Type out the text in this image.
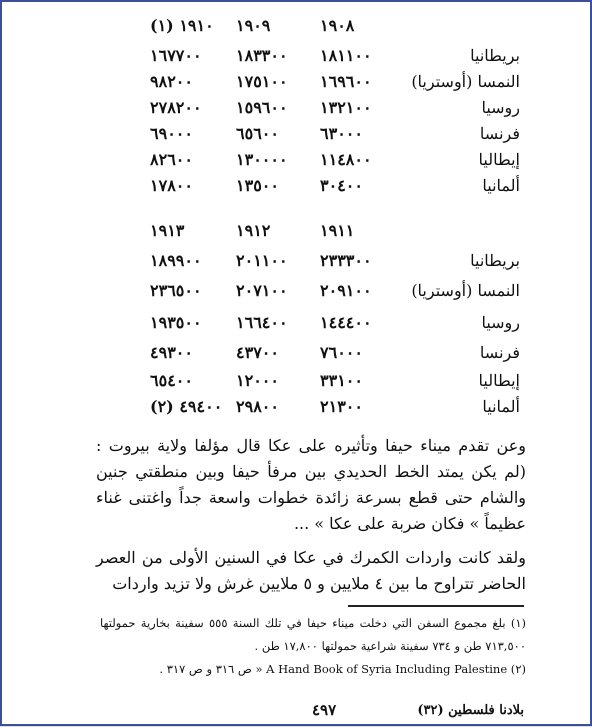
١٩٠٨
١٩٠٩
(١) ١٩١٠
بريطانيا
١٨١١٠٠
١٨٣٣٠٠
١٦٧٧٠٠
النمسا (أوستريا)
١٦٩٦٠٠
١٧٥١٠٠
٩٨٢٠٠
روسيا
١٣٢١٠٠
١٥٩٦٠٠
٢٧٨٢٠٠
فرنسا
٦٣٠٠٠
٦٥٦٠٠
٦٩٠٠٠
إيطاليا
١١٤٨٠٠
١٣٠٠٠٠
٨٢٦٠٠
ألمانيا
٣٠٤٠٠
١٣٥٠٠
١٧٨٠٠
١٩١١
١٩١٢
١٩١٣
بريطانيا
٢٣٣٣٠٠
٢٠١١٠٠
١٨٩٩٠٠
النمسا (أوستريا)
٢٠٩١٠٠
٢٠٧١٠٠
٢٣٦٥٠٠
روسيا
١٤٤٤٠٠
١٦٦٤٠٠
١٩٣٥٠٠
فرنسا
٧٦٠٠٠
٤٣٧٠٠
٤٩٣٠٠
إيطاليا
٣٣١٠٠
١٢٠٠٠
٦٥٤٠٠
ألمانيا
٢١٣٠٠
٢٩٨٠٠
(٢) ٤٩٤٠٠

وعن تقدم ميناء حيفا وتأثيره على عكا قال مؤلفا ولاية بيروت : (لم يكن يمتد الخط الحديدي بين مرفأ حيفا وبين منطقتي جنين والشام حتى قطع بسرعة زائدة خطوات واسعة جداً واغتنى غناء عظيماً » فكان ضربة على عكا » ...

ولقد كانت واردات الكمرك في عكا في السنين الأولى من العصر الحاضر تتراوح ما بين ٤ ملايين و ٥ ملايين غرش ولا تزيد واردات

(١) بلغ مجموع السفن التي دخلت ميناء حيفا في تلك السنة ٥٥٥ سفينة بخارية حمولتها ٧١٣,٥٠٠ طن و ٧٣٤ سفينة شراعية حمولتها ١٧,٨٠٠ طن .

(٢) A Hand Book of Syria Including Palestine « ص ٣١٦ و ص ٣١٧ .

٤٩٧	بلادنا فلسطين (٣٢)
